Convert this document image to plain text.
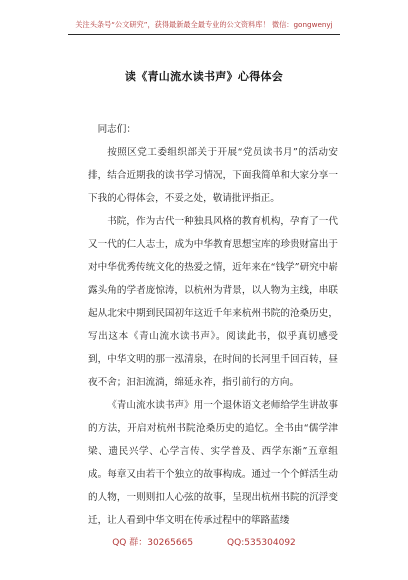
关注头条号“公文研究”，获得最新最全最专业的公文资料库！ 微信：gongwenyj
读《青山流水读书声》心得体会

同志们：

按照区党工委组织部关于开展“党员读书月”的活动安排，结合近期我的读书学习情况，下面我简单和大家分享一下我的心得体会，不妥之处，敬请批评指正。

书院，作为古代一种独具风格的教育机构，孕育了一代又一代的仁人志士，成为中华教育思想宝库的珍贵财富出于对中华优秀传统文化的热爱之情，近年来在“钱学”研究中崭露头角的学者庞惊涛，以杭州为背景，以人物为主线，串联起从北宋中期到民国初年这近千年来杭州书院的沧桑历史，写出这本《青山流水读书声》。阅读此书，似乎真切感受到，中华文明的那一泓清泉，在时间的长河里千回百转，昼夜不舍；汩汩流淌，绵延永祚，指引前行的方向。

《青山流水读书声》用一个退休语文老师给学生讲故事的方法，开启对杭州书院沧桑历史的追忆。全书由“儒学津梁、遗民兴学、心学言传、实学普及、西学东渐”五章组成。每章又由若干个独立的故事构成。通过一个个鲜活生动的人物，一则则扣人心弦的故事，呈现出杭州书院的沉浮变迁，让人看到中华文明在传承过程中的筚路蓝缕

QQ 群：30265665	QQ:535304092
